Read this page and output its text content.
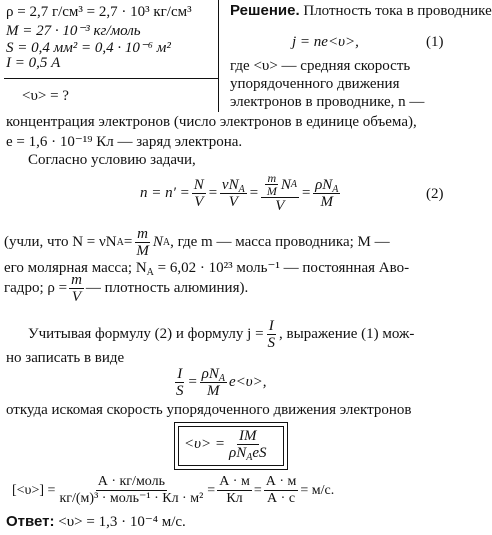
ρ = 2,7 г/см³ = 2,7 · 10³ кг/см³
M = 27 · 10⁻³ кг/моль
S = 0,4 мм² = 0,4 · 10⁻⁶ м²
I = 0,5 А
<υ> = ?
Решение. Плотность тока в проводнике
j = ne<υ>,	(1)
где <υ> — средняя скорость
упорядоченного движения
электронов в проводнике, n —
концентрация электронов (число электронов в единице объема),
e = 1,6 · 10⁻¹⁹ Кл — заряд электрона.
Согласно условию задачи,
$n = n' = \frac{N}{V} = \frac{\nu N_A}{V} = \frac{\frac{m}{M} N A}{V} = \frac{\rho N_A}{M}$	(2)
(учли, что N = νN $A = \frac{m}{M}$ N A , где m — масса проводника; M —
его молярная масса; $N_A = 6,02 \cdot 10^{23}$ моль⁻¹ — постоянная Аво-
гадро; $\rho = \frac{m}{V}$ — плотность алюминия).
Учитывая формулу (2) и формулу $j = \frac{I}{S}$ , выражение (1) мож-
но записать в виде
$\frac{I}{S} = \frac{\rho N_A}{M} e<\upsilon>$,
откуда искомая скорость упорядоченного движения электронов
$<\upsilon> = \frac{IM}{\rho N_AeS}$
$[<\upsilon>] = \frac{\text{А · кг/моль}}{\text{кг/(м)³ · моль⁻¹ · Кл · м²}} = \frac{А \cdot м}{Кл} = \frac{А \cdot м}{А \cdot с} = м/с$.
Ответ: <υ> = 1,3 · 10⁻⁴ м/с.
